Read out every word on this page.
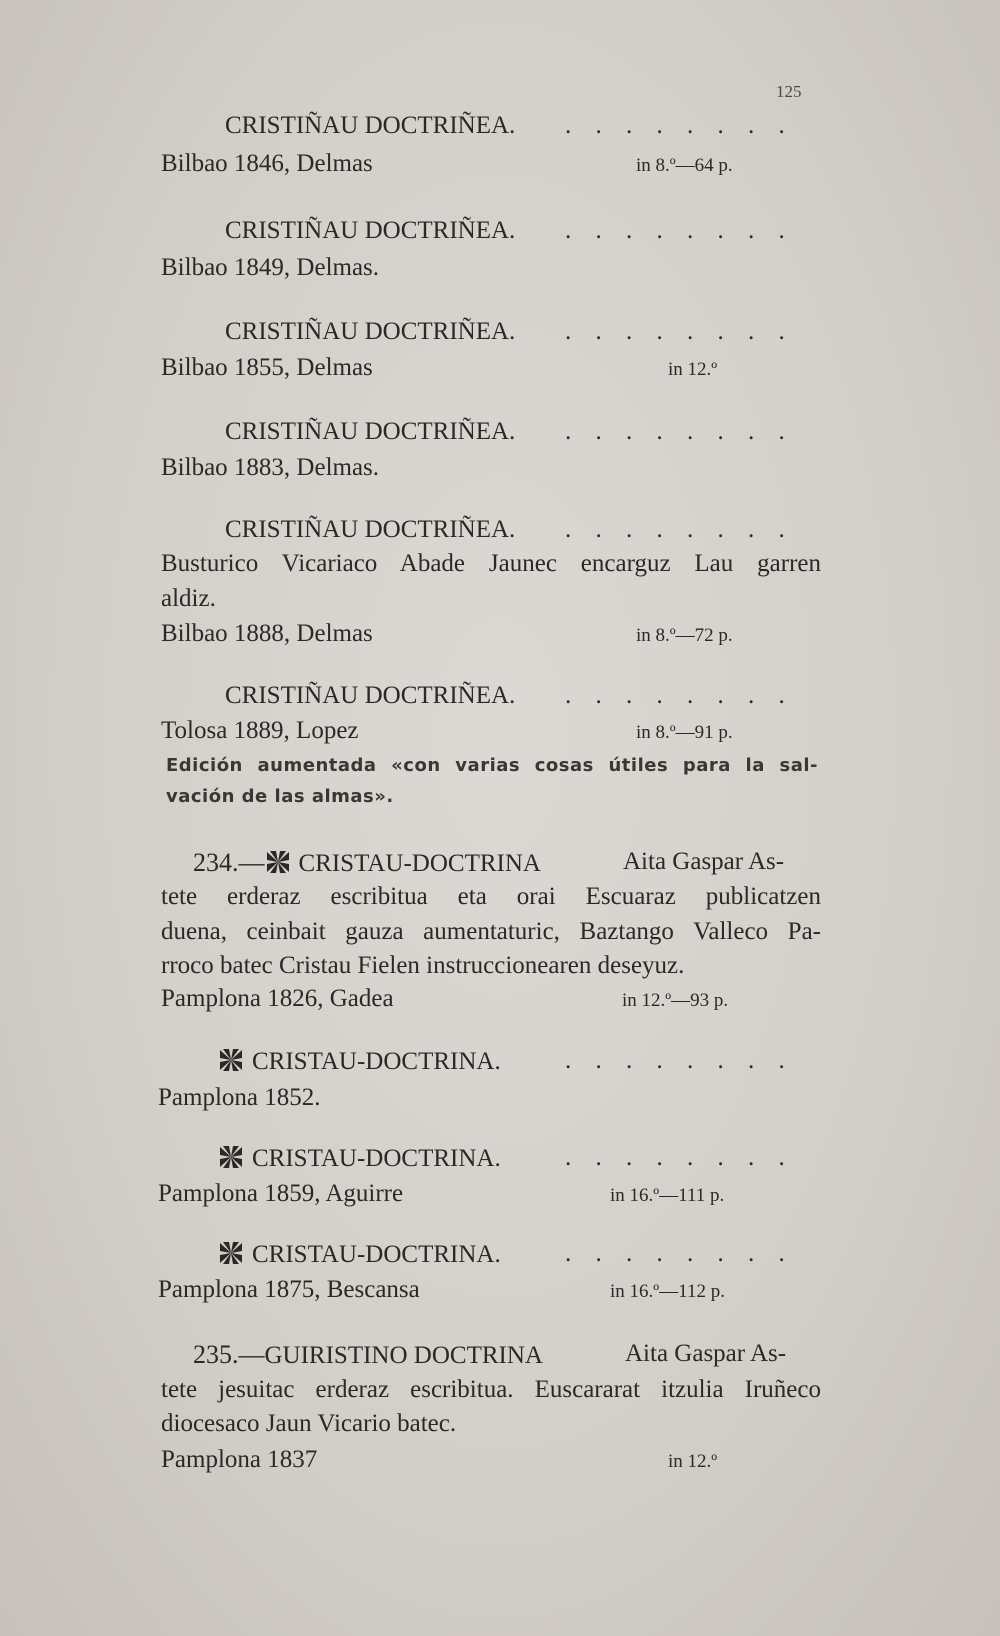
125
CRISTIÑAU DOCTRIÑEA. . . . . . . . .
Bilbao 1846, Delmas	in 8.º—64 p.
CRISTIÑAU DOCTRIÑEA. . . . . . . . .
Bilbao 1849, Delmas.
CRISTIÑAU DOCTRIÑEA. . . . . . . . .
Bilbao 1855, Delmas	in 12.º
CRISTIÑAU DOCTRIÑEA. . . . . . . . .
Bilbao 1883, Delmas.
CRISTIÑAU DOCTRIÑEA. . . . . . . . .
Busturico Vicariaco Abade Jaunec encarguz Lau garren
aldiz.
Bilbao 1888, Delmas	in 8.º—72 p.
CRISTIÑAU DOCTRIÑEA. . . . . . . . .
Tolosa 1889, Lopez	in 8.º—91 p.
Edición aumentada «con varias cosas útiles para la sal-
vación de las almas».
234.— CRISTAU-DOCTRINA	Aita Gaspar As-
tete erderaz escribitua eta orai Escuaraz publicatzen
duena, ceinbait gauza aumentaturic, Baztango Valleco Pa-
rroco batec Cristau Fielen instruccionearen deseyuz.
Pamplona 1826, Gadea	in 12.º—93 p.
CRISTAU-DOCTRINA.	. . . . . . . .
Pamplona 1852.
CRISTAU-DOCTRINA.	. . . . . . . .
Pamplona 1859, Aguirre	in 16.º—111 p.
CRISTAU-DOCTRINA.	. . . . . . . .
Pamplona 1875, Bescansa	in 16.º—112 p.
235.—GUIRISTINO DOCTRINA	Aita Gaspar As-
tete jesuitac erderaz escribitua. Euscararat itzulia Iruñeco
diocesaco Jaun Vicario batec.
Pamplona 1837	in 12.º
